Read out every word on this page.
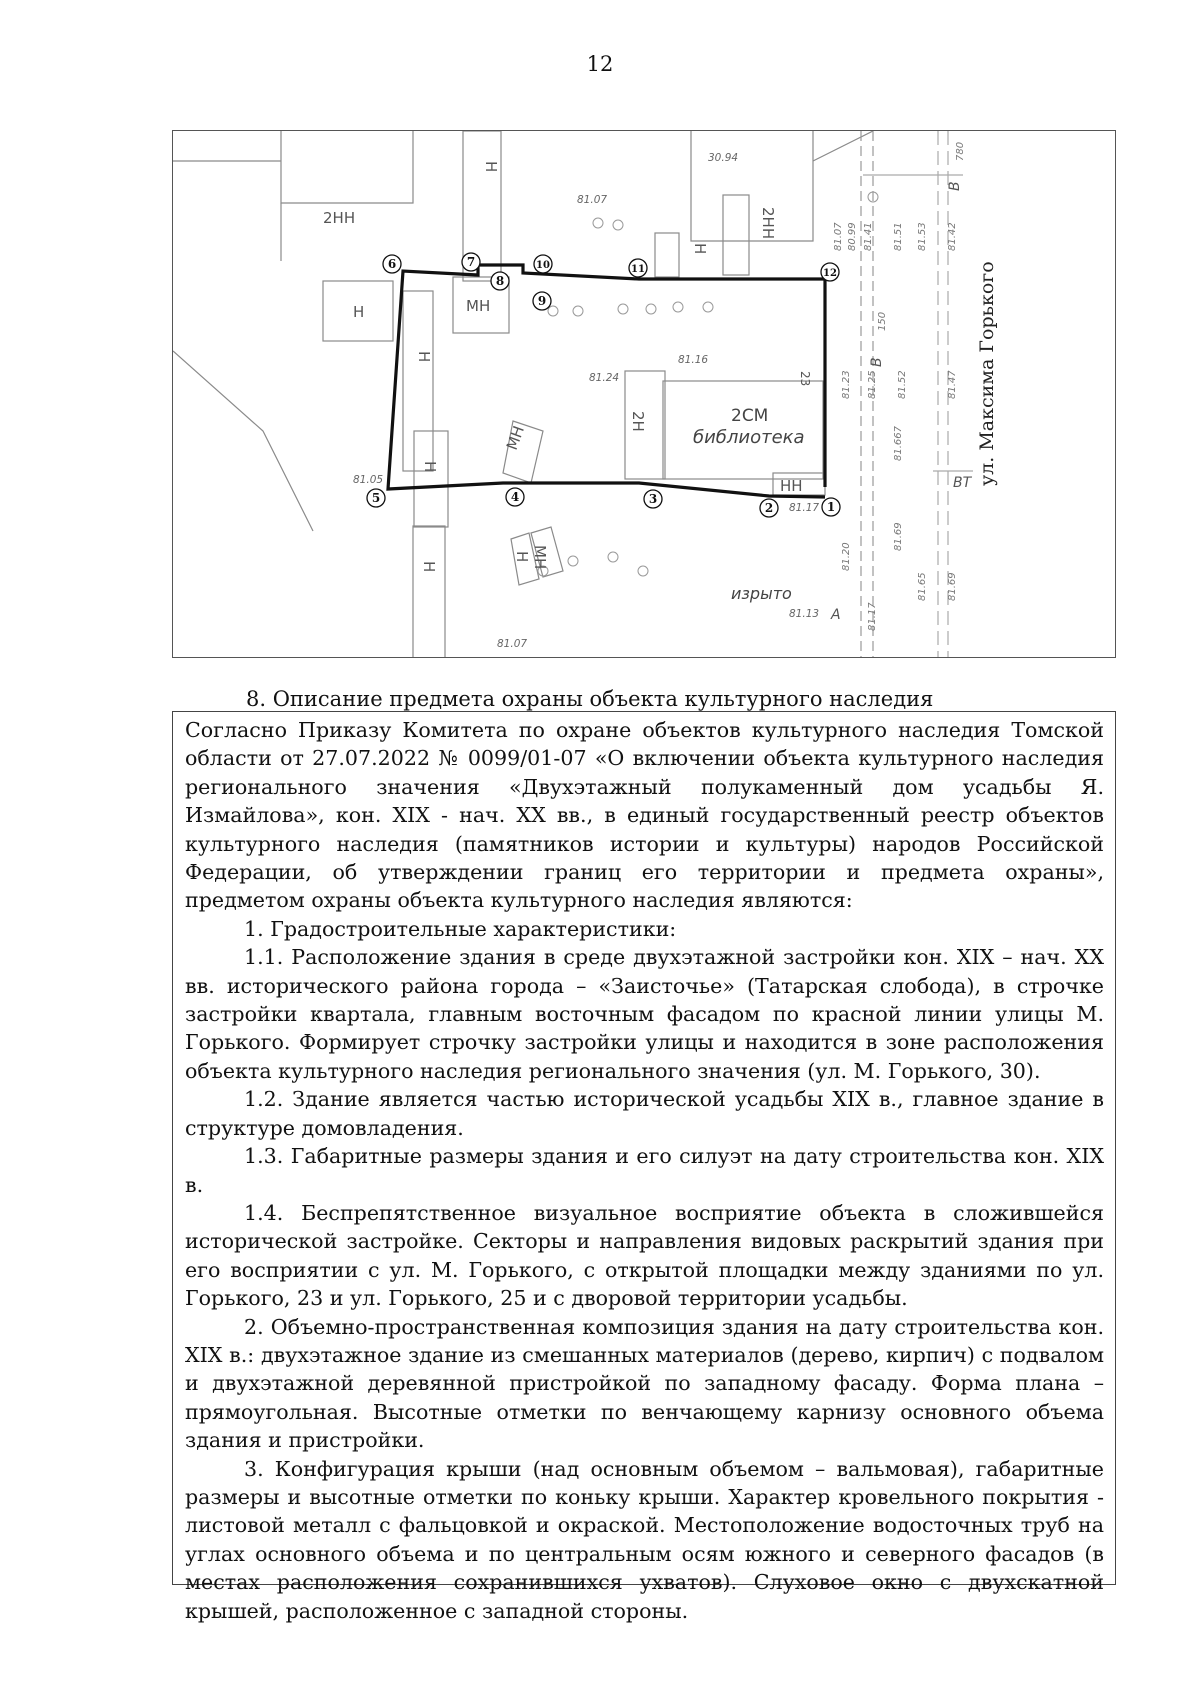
12
2НН
Н
МН
Н
Н
Н
МН
2Н
НН
2НН
Н
Н МН
Н
23
2СМ
библиотека
изрыто
30.94
81.07
81.16
81.24
81.05
81.17
81.13
81.07
81.07 80.99 81.41 81.51 81.53 81.42
81.23 81.25 81.52	81.47
81.667
81.69
81.65 81.69
81.20
81.17
150
780
А
В
В
ВТ ул. Максима Горького
1
2
3
4
5
6	7
8
9
10	11	12
8. Описание предмета охраны объекта культурного наследия

Согласно Приказу Комитета по охране объектов культурного наследия Томской области от 27.07.2022 № 0099/01-07 «О включении объекта культурного наследия регионального значения «Двухэтажный полукаменный дом усадьбы Я. Измайлова», кон. XIX - нач. XX вв., в единый государственный реестр объектов культурного наследия (памятников истории и культуры) народов Российской Федерации, об утверждении границ его территории и предмета охраны», предметом охраны объекта культурного наследия являются:

1. Градостроительные характеристики:

1.1. Расположение здания в среде двухэтажной застройки кон. XIX – нач. XX вв. исторического района города – «Заисточье» (Татарская слобода), в строчке застройки квартала, главным восточным фасадом по красной линии улицы М. Горького. Формирует строчку застройки улицы и находится в зоне расположения объекта культурного наследия регионального значения (ул. М. Горького, 30).

1.2. Здание является частью исторической усадьбы XIX в., главное здание в структуре домовладения.

1.3. Габаритные размеры здания и его силуэт на дату строительства кон. XIX в.

1.4. Беспрепятственное визуальное восприятие объекта в сложившейся исторической застройке. Секторы и направления видовых раскрытий здания при его восприятии с ул. М. Горького, с открытой площадки между зданиями по ул. Горького, 23 и ул. Горького, 25 и с дворовой территории усадьбы.

2. Объемно-пространственная композиция здания на дату строительства кон. XIX в.: двухэтажное здание из смешанных материалов (дерево, кирпич) с подвалом и двухэтажной деревянной пристройкой по западному фасаду. Форма плана – прямоугольная. Высотные отметки по венчающему карнизу основного объема здания и пристройки.

3. Конфигурация крыши (над основным объемом – вальмовая), габаритные размеры и высотные отметки по коньку крыши. Характер кровельного покрытия - листовой металл с фальцовкой и окраской. Местоположение водосточных труб на углах основного объема и по центральным осям южного и северного фасадов (в местах расположения сохранившихся ухватов). Слуховое окно с двухскатной крышей, расположенное с западной стороны.
